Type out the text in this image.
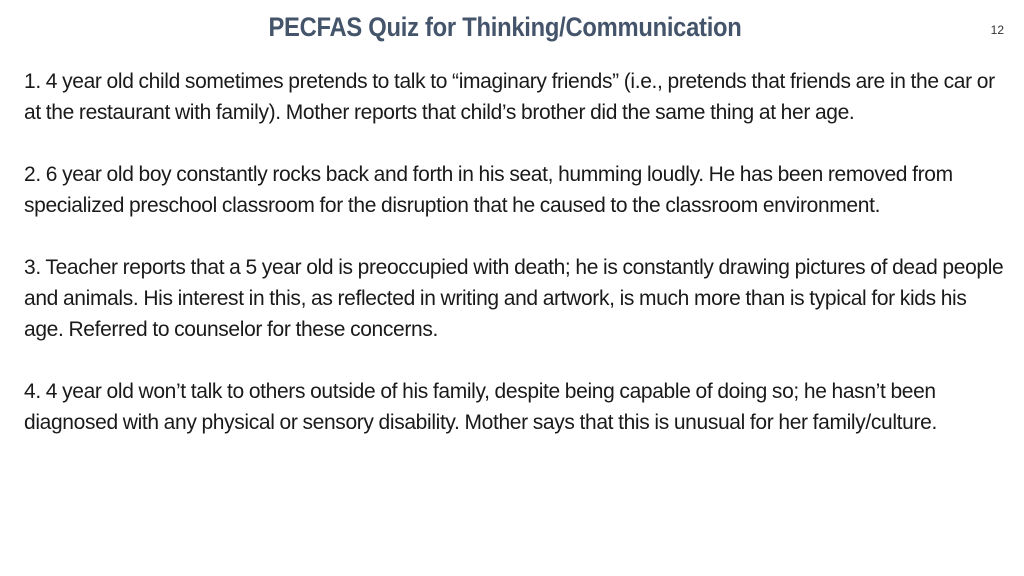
PECFAS Quiz for Thinking/Communication	12

1. 4 year old child sometimes pretends to talk to “imaginary friends” (i.e., pretends that friends are in the car or at the restaurant with family). Mother reports that child’s brother did the same thing at her age.

2. 6 year old boy constantly rocks back and forth in his seat, humming loudly. He has been removed from specialized preschool classroom for the disruption that he caused to the classroom environment.

3. Teacher reports that a 5 year old is preoccupied with death; he is constantly drawing pictures of dead people and animals. His interest in this, as reflected in writing and artwork, is much more than is typical for kids his age. Referred to counselor for these concerns.

4. 4 year old won’t talk to others outside of his family, despite being capable of doing so; he hasn’t been diagnosed with any physical or sensory disability. Mother says that this is unusual for her family/culture.
